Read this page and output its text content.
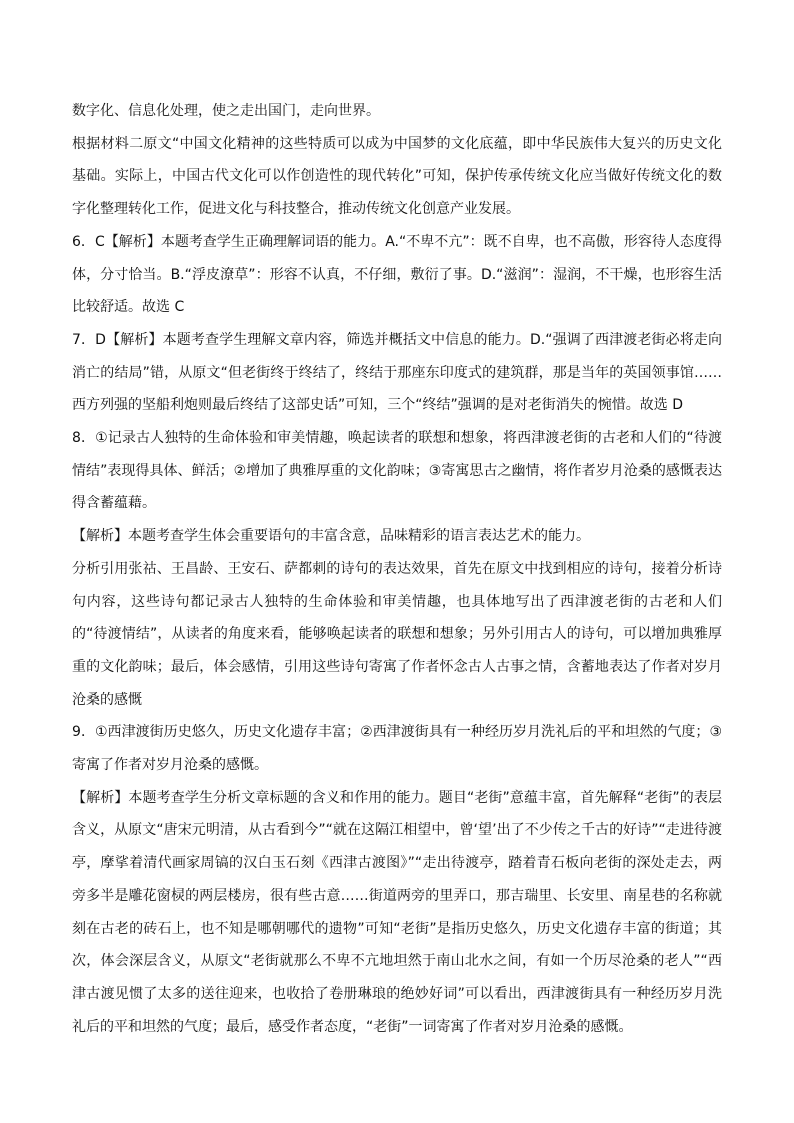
数字化、信息化处理，使之走出国门，走向世界。

根据材料二原文“中国文化精神的这些特质可以成为中国梦的文化底蕴，即中华民族伟大复兴的历史文化基础。实际上，中国古代文化可以作创造性的现代转化”可知，保护传承传统文化应当做好传统文化的数字化整理转化工作，促进文化与科技整合，推动传统文化创意产业发展。

6．C【解析】本题考查学生正确理解词语的能力。A.“不卑不亢”：既不自卑，也不高傲，形容待人态度得体，分寸恰当。B.“浮皮潦草”：形容不认真，不仔细，敷衍了事。D.“滋润”：湿润，不干燥，也形容生活比较舒适。故选 C

7．D【解析】本题考查学生理解文章内容，筛选并概括文中信息的能力。D.“强调了西津渡老街必将走向消亡的结局”错，从原文“但老街终于终结了，终结于那座东印度式的建筑群，那是当年的英国领事馆……西方列强的坚船利炮则最后终结了这部史话”可知，三个“终结”强调的是对老街消失的惋惜。故选 D

8．①记录古人独特的生命体验和审美情趣，唤起读者的联想和想象，将西津渡老街的古老和人们的“待渡情结”表现得具体、鲜活；②增加了典雅厚重的文化韵味；③寄寓思古之幽情，将作者岁月沧桑的感慨表达得含蓄蕴藉。

【解析】本题考查学生体会重要语句的丰富含意，品味精彩的语言表达艺术的能力。

分析引用张祜、王昌龄、王安石、萨都刺的诗句的表达效果，首先在原文中找到相应的诗句，接着分析诗句内容，这些诗句都记录古人独特的生命体验和审美情趣，也具体地写出了西津渡老街的古老和人们的“待渡情结”，从读者的角度来看，能够唤起读者的联想和想象；另外引用古人的诗句，可以增加典雅厚重的文化韵味；最后，体会感情，引用这些诗句寄寓了作者怀念古人古事之情，含蓄地表达了作者对岁月沧桑的感慨

9．①西津渡街历史悠久，历史文化遗存丰富；②西津渡街具有一种经历岁月洗礼后的平和坦然的气度；③寄寓了作者对岁月沧桑的感慨。

【解析】本题考查学生分析文章标题的含义和作用的能力。题目“老街”意蕴丰富，首先解释“老街”的表层含义，从原文“唐宋元明清，从古看到今”“就在这隔江相望中，曾‘望’出了不少传之千古的好诗”“走进待渡亭，摩挲着清代画家周镐的汉白玉石刻《西津古渡图》”“走出待渡亭，踏着青石板向老街的深处走去，两旁多半是雕花窗棂的两层楼房，很有些古意……街道两旁的里弄口，那吉瑞里、长安里、南星巷的名称就刻在古老的砖石上，也不知是哪朝哪代的遗物”可知“老街”是指历史悠久，历史文化遗存丰富的街道；其次，体会深层含义，从原文“老街就那么不卑不亢地坦然于南山北水之间，有如一个历尽沧桑的老人”“西津古渡见惯了太多的送往迎来，也收拾了卷册琳琅的绝妙好词”可以看出，西津渡街具有一种经历岁月洗礼后的平和坦然的气度；最后，感受作者态度，“老街”一词寄寓了作者对岁月沧桑的感慨。
